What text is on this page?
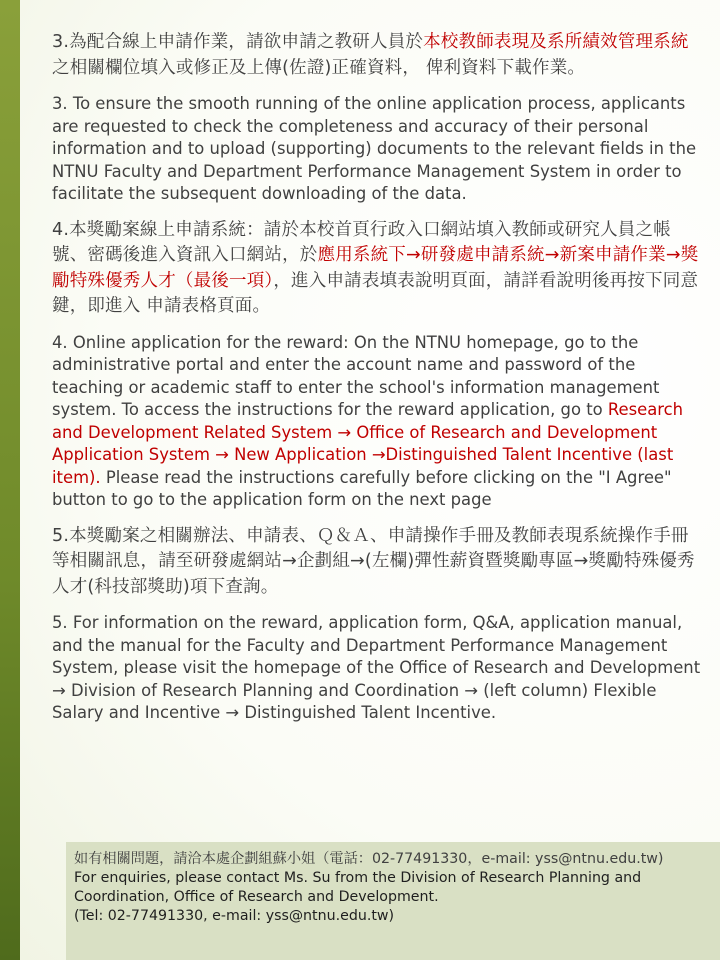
3.為配合線上申請作業，請欲申請之教研人員於本校教師表現及系所績效管理系統之相關欄位填入或修正及上傳(佐證)正確資料， 俾利資料下載作業。

3. To ensure the smooth running of the online application process, applicants are requested to check the completeness and accuracy of their personal information and to upload (supporting) documents to the relevant fields in the NTNU Faculty and Department Performance Management System in order to facilitate the subsequent downloading of the data.

4.本獎勵案線上申請系統：請於本校首頁行政入口網站填入教師或研究人員之帳號、密碼後進入資訊入口網站，於應用系統下→研發處申請系統→新案申請作業→獎勵特殊優秀人才（最後一項），進入申請表填表說明頁面，請詳看說明後再按下同意鍵，即進入 申請表格頁面。

4. Online application for the reward: On the NTNU homepage, go to the administrative portal and enter the account name and password of the teaching or academic staff to enter the school's information management system. To access the instructions for the reward application, go to Research and Development Related System → Office of Research and Development Application System → New Application →Distinguished Talent Incentive (last item). Please read the instructions carefully before clicking on the "I Agree" button to go to the application form on the next page

5.本獎勵案之相關辦法、申請表、Ｑ＆Ａ、申請操作手冊及教師表現系統操作手冊等相關訊息，請至研發處網站→企劃組→(左欄)彈性薪資暨獎勵專區→獎勵特殊優秀人才(科技部獎助)項下查詢。

5. For information on the reward, application form, Q&A, application manual, and the manual for the Faculty and Department Performance Management System, please visit the homepage of the Office of Research and Development → Division of Research Planning and Coordination → (left column) Flexible Salary and Incentive → Distinguished Talent Incentive.

如有相關問題，請洽本處企劃組蘇小姐（電話：02-77491330，e-mail: yss@ntnu.edu.tw)

For enquiries, please contact Ms. Su from the Division of Research Planning and Coordination, Office of Research and Development.

(Tel: 02-77491330, e-mail: yss@ntnu.edu.tw)
